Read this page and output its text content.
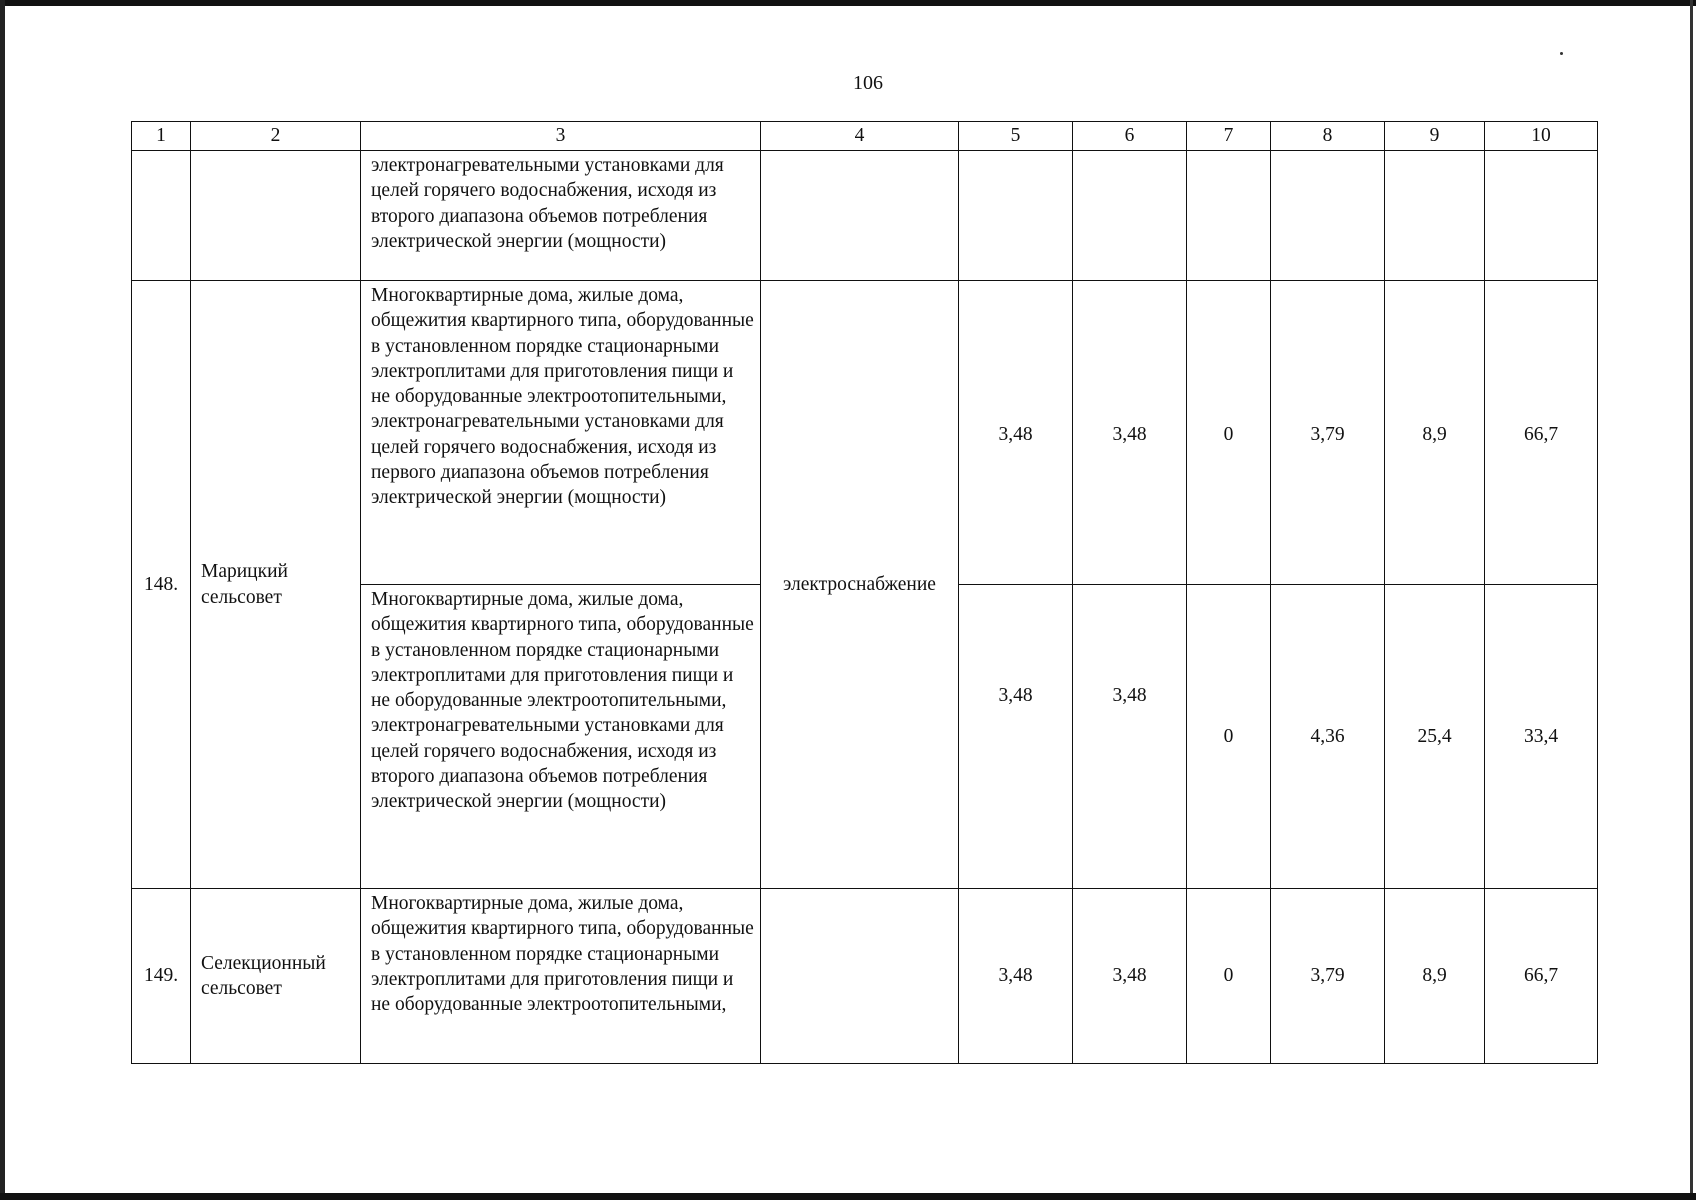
106
1	2	3	4	5	6	7	8	9	10
		электронагревательными установками для целей горячего водоснабжения, исходя из второго диапазона объемов потребления электрической энергии (мощности)							
148.	Марицкий сельсовет	Многоквартирные дома, жилые дома, общежития квартирного типа, оборудованные в установленном порядке стационарными электроплитами для приготовления пищи и не оборудованные электроотопительными, электронагревательными установками для целей горячего водоснабжения, исходя из первого диапазона объемов потребления электрической энергии (мощности)	электроснабжение	3,48	3,48	0	3,79	8,9	66,7
		Многоквартирные дома, жилые дома, общежития квартирного типа, оборудованные в установленном порядке стационарными электроплитами для приготовления пищи и не оборудованные электроотопительными, электронагревательными установками для целей горячего водоснабжения, исходя из второго диапазона объемов потребления электрической энергии (мощности)		3,48	3,48	0	4,36	25,4	33,4
149.	Селекционный сельсовет	Многоквартирные дома, жилые дома, общежития квартирного типа, оборудованные в установленном порядке стационарными электроплитами для приготовления пищи и не оборудованные электроотопительными,		3,48	3,48	0	3,79	8,9	66,7
